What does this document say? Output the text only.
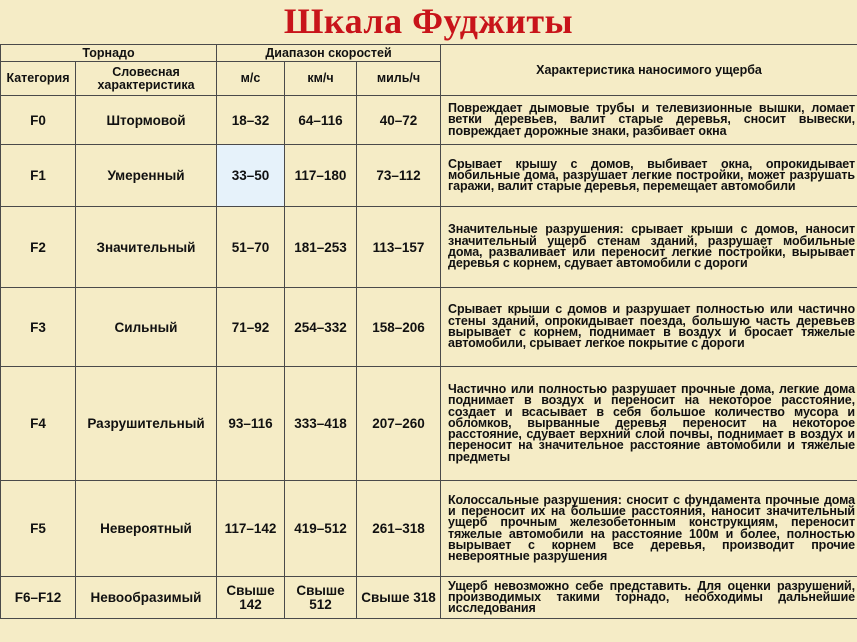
Шкала Фуджиты
Торнадо		Диапазон скоростей			Характеристика наносимого ущерба
Категория	Словесная характеристика	м/с	км/ч	миль/ч	
F0	Штормовой	18–32	64–116	40–72	Повреждает дымовые трубы и телевизионные вышки, ломает ветки деревьев, валит старые деревья, сносит вывески, повреждает дорожные знаки, разбивает окна
F1	Умеренный	33–50	117–180	73–112	Срывает крышу с домов, выбивает окна, опрокидывает мобильные дома, разрушает легкие постройки, может разрушать гаражи, валит старые деревья, перемещает автомобили
F2	Значительный	51–70	181–253	113–157	Значительные разрушения: срывает крыши с домов, наносит значительный ущерб стенам зданий, разрушает мобильные дома, разваливает или переносит легкие постройки, вырывает деревья с корнем, сдувает автомобили с дороги
F3	Сильный	71–92	254–332	158–206	Срывает крыши с домов и разрушает полностью или частично стены зданий, опрокидывает поезда, большую часть деревьев вырывает с корнем, поднимает в воздух и бросает тяжелые автомобили, срывает легкое покрытие с дороги
F4	Разрушительный	93–116	333–418	207–260	Частично или полностью разрушает прочные дома, легкие дома поднимает в воздух и переносит на некоторое расстояние, создает и всасывает в себя большое количество мусора и обломков, вырванные деревья переносит на некоторое расстояние, сдувает верхний слой почвы, поднимает в воздух и переносит на значительное расстояние автомобили и тяжелые предметы
F5	Невероятный	117–142	419–512	261–318	Колоссальные разрушения: сносит с фундамента прочные дома и переносит их на большие расстояния, наносит значительный ущерб прочным железобетонным конструкциям, переносит тяжелые автомобили на расстояние 100м и более, полностью вырывает с корнем все деревья, производит прочие невероятные разрушения
F6–F12	Невообразимый	Свыше 142	Свыше 512	Свыше 318	Ущерб невозможно себе представить. Для оценки разрушений, производимых такими торнадо, необходимы дальнейшие исследования
